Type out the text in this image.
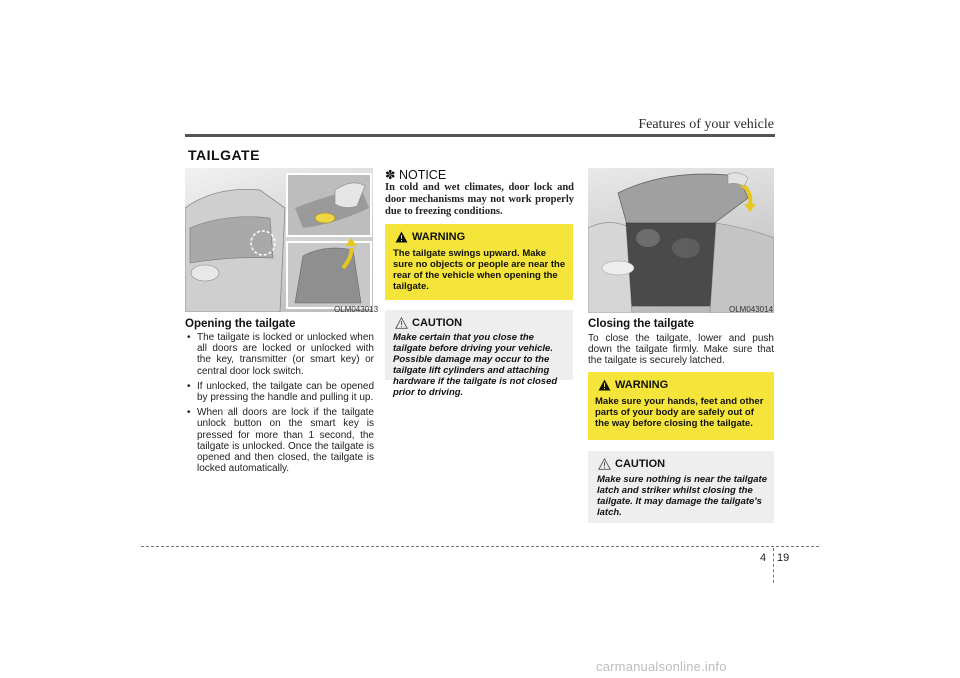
Features of your vehicle
TAILGATE
OLM043013
Opening the tailgate
• The tailgate is locked or unlocked when all doors are locked or unlocked with the key, transmitter (or smart key) or central door lock switch.
• If unlocked, the tailgate can be opened by pressing the handle and pulling it up.
• When all doors are lock if the tailgate unlock button on the smart key is pressed for more than 1 second, the tailgate is unlocked. Once the tailgate is opened and then closed, the tailgate is locked automatically.
✽ NOTICE
In cold and wet climates, door lock and door mechanisms may not work properly due to freezing conditions.
WARNING
The tailgate swings upward. Make sure no objects or people are near the rear of the vehicle when opening the tailgate.
CAUTION
Make certain that you close the tailgate before driving your vehicle. Possible damage may occur to the tailgate lift cylinders and attaching hardware if the tailgate is not closed prior to driving.
OLM043014
Closing the tailgate
To close the tailgate, lower and push down the tailgate firmly. Make sure that the tailgate is securely latched.
WARNING
Make sure your hands, feet and other parts of your body are safely out of the way before closing the tailgate.
CAUTION
Make sure nothing is near the tailgate latch and striker whilst closing the tailgate. It may damage the tailgate's latch.
4 19
carmanualsonline.info
